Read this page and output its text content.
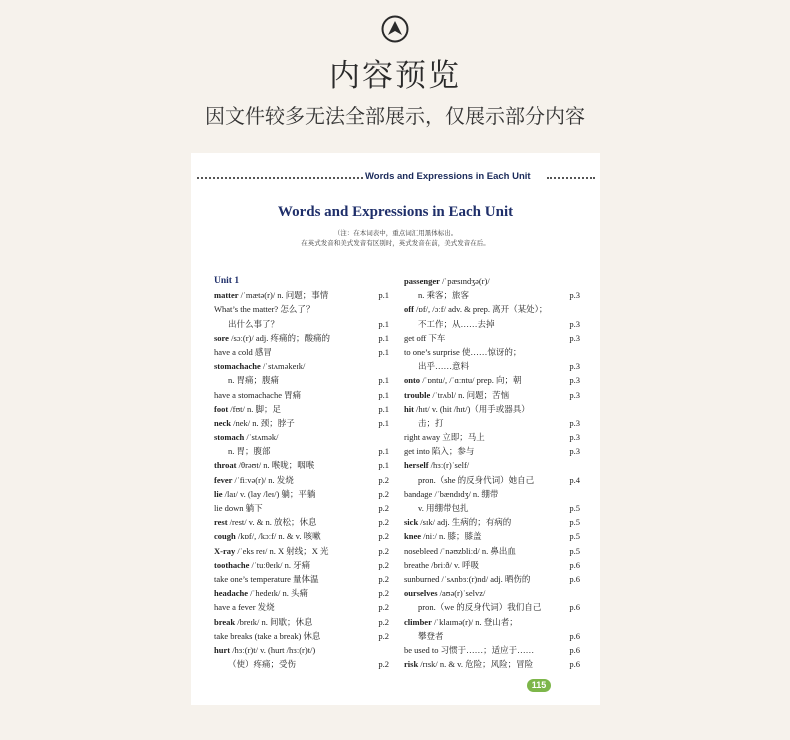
内容预览
因文件较多无法全部展示，仅展示部分内容
Words and Expressions in Each Unit
Words and Expressions in Each Unit
（注：在本词表中，重点词汇用黑体标出。
在英式发音和美式发音有区别时，英式发音在前，美式发音在后。
Unit 1
matter /ˈmætə(r)/ n. 问题；事情	p.1
What’s the matter? 怎么了？
出什么事了？	p.1
sore /sɔː(r)/ adj. 疼痛的；酸痛的	p.1
have a cold 感冒	p.1
stomachache /ˈstʌməkeɪk/
n. 胃痛；腹痛	p.1
have a stomachache 胃痛	p.1
foot /fʊt/ n. 脚；足	p.1
neck /nek/ n. 颈；脖子	p.1
stomach /ˈstʌmək/
n. 胃；腹部	p.1
throat /θrəʊt/ n. 喉咙；咽喉	p.1
fever /ˈfiːvə(r)/ n. 发烧	p.2
lie /laɪ/ v. (lay /leɪ/) 躺；平躺	p.2
lie down 躺下	p.2
rest /rest/ v. & n. 放松；休息	p.2
cough /kɒf/, /kɔːf/ n. & v. 咳嗽	p.2
X-ray /ˈeks reɪ/ n. X 射线；X 光	p.2
toothache /ˈtuːθeɪk/ n. 牙痛	p.2
take one’s temperature 量体温	p.2
headache /ˈhedeɪk/ n. 头痛	p.2
have a fever 发烧	p.2
break /breɪk/ n. 间歇；休息	p.2
take breaks (take a break) 休息	p.2
hurt /hɜː(r)t/ v. (hurt /hɜː(r)t/)
（使）疼痛；受伤	p.2
passenger /ˈpæsɪndʒə(r)/
n. 乘客；旅客	p.3
off /ɒf/, /ɔːf/ adv. & prep. 离开（某处）；
不工作；从……去掉	p.3
get off 下车	p.3
to one’s surprise 使……惊讶的；
出乎……意料	p.3
onto /ˈɒntu/, /ˈɑːntu/ prep. 向；朝	p.3
trouble /ˈtrʌbl/ n. 问题；苦恼	p.3
hit /hɪt/ v. (hit /hɪt/)（用手或器具）
击；打	p.3
right away 立即；马上	p.3
get into 陷入；参与	p.3
herself /hɜː(r)ˈself/
pron.（she 的反身代词）她自己	p.4
bandage /ˈbændɪdʒ/ n. 绷带
v. 用绷带包扎	p.5
sick /sɪk/ adj. 生病的；有病的	p.5
knee /niː/ n. 膝；膝盖	p.5
nosebleed /ˈnəʊzbliːd/ n. 鼻出血	p.5
breathe /briːð/ v. 呼吸	p.6
sunburned /ˈsʌnbɜː(r)nd/ adj. 晒伤的	p.6
ourselves /aʊə(r)ˈselvz/
pron.（we 的反身代词）我们自己	p.6
climber /ˈklaɪmə(r)/ n. 登山者；
攀登者	p.6
be used to 习惯于……；适应于……	p.6
risk /rɪsk/ n. & v. 危险；风险；冒险	p.6
115
